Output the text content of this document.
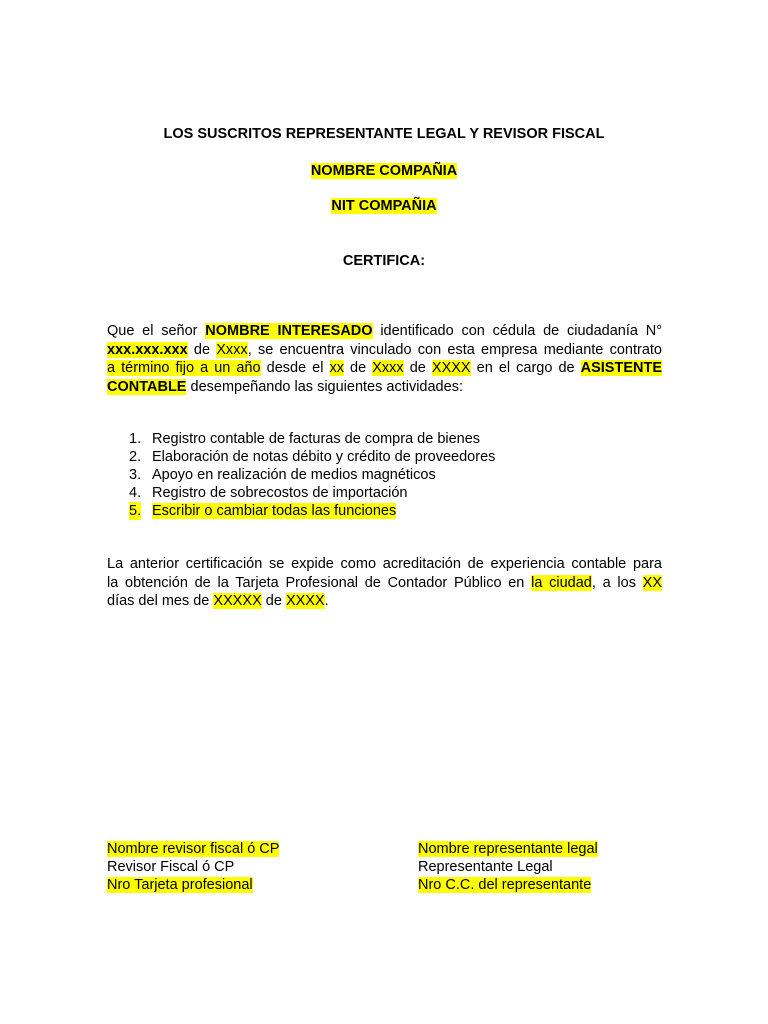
LOS SUSCRITOS REPRESENTANTE LEGAL Y REVISOR FISCAL
NOMBRE COMPAÑIA
NIT COMPAÑIA
CERTIFICA:

Que el señor NOMBRE INTERESADO identificado con cédula de ciudadanía N°
xxx.xxx.xxx de Xxxx, se encuentra vinculado con esta empresa mediante contrato
a término fijo a un año desde el xx de Xxxx de XXXX en el cargo de ASISTENTE
CONTABLE desempeñando las siguientes actividades:

1. Registro contable de facturas de compra de bienes
2. Elaboración de notas débito y crédito de proveedores
3. Apoyo en realización de medios magnéticos
4. Registro de sobrecostos de importación
5. Escribir o cambiar todas las funciones

La anterior certificación se expide como acreditación de experiencia contable para
la obtención de la Tarjeta Profesional de Contador Público en la ciudad, a los XX
días del mes de XXXXX de XXXX.

Nombre revisor fiscal ó CP
Revisor Fiscal ó CP
Nro Tarjeta profesional
Nombre representante legal
Representante Legal
Nro C.C. del representante
